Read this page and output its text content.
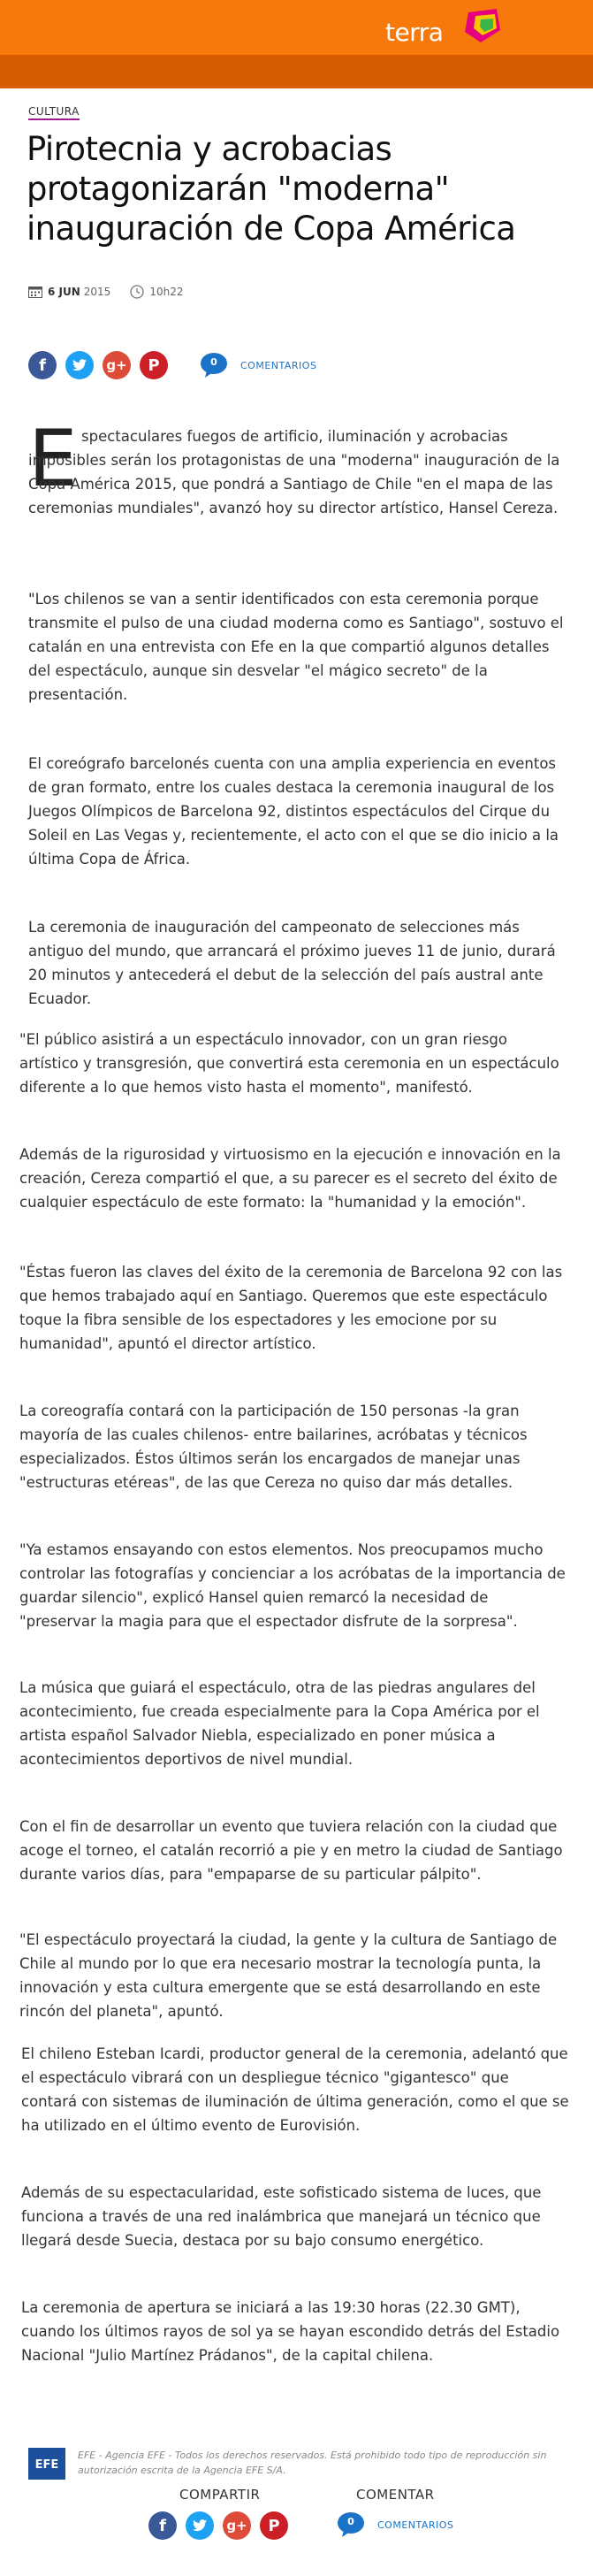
terra
CULTURA
Pirotecnia y acrobacias protagonizarán "moderna" inauguración de Copa América
6 JUN 2015	10h22
f	g+ P	0	COMENTARIOS
E spectaculares fuegos de artificio, iluminación y acrobacias imposibles serán los protagonistas de una "moderna" inauguración de la Copa América 2015, que pondrá a Santiago de Chile "en el mapa de las ceremonias mundiales", avanzó hoy su director artístico, Hansel Cereza.

"Los chilenos se van a sentir identificados con esta ceremonia porque transmite el pulso de una ciudad moderna como es Santiago", sostuvo el catalán en una entrevista con Efe en la que compartió algunos detalles del espectáculo, aunque sin desvelar "el mágico secreto" de la presentación.

El coreógrafo barcelonés cuenta con una amplia experiencia en eventos de gran formato, entre los cuales destaca la ceremonia inaugural de los Juegos Olímpicos de Barcelona 92, distintos espectáculos del Cirque du Soleil en Las Vegas y, recientemente, el acto con el que se dio inicio a la última Copa de África.

La ceremonia de inauguración del campeonato de selecciones más antiguo del mundo, que arrancará el próximo jueves 11 de junio, durará 20 minutos y antecederá el debut de la selección del país austral ante Ecuador.

"El público asistirá a un espectáculo innovador, con un gran riesgo artístico y transgresión, que convertirá esta ceremonia en un espectáculo diferente a lo que hemos visto hasta el momento", manifestó.

Además de la rigurosidad y virtuosismo en la ejecución e innovación en la creación, Cereza compartió el que, a su parecer es el secreto del éxito de cualquier espectáculo de este formato: la "humanidad y la emoción".

"Éstas fueron las claves del éxito de la ceremonia de Barcelona 92 con las que hemos trabajado aquí en Santiago. Queremos que este espectáculo toque la fibra sensible de los espectadores y les emocione por su humanidad", apuntó el director artístico.

La coreografía contará con la participación de 150 personas -la gran mayoría de las cuales chilenos- entre bailarines, acróbatas y técnicos especializados. Éstos últimos serán los encargados de manejar unas "estructuras etéreas", de las que Cereza no quiso dar más detalles.

"Ya estamos ensayando con estos elementos. Nos preocupamos mucho controlar las fotografías y concienciar a los acróbatas de la importancia de guardar silencio", explicó Hansel quien remarcó la necesidad de "preservar la magia para que el espectador disfrute de la sorpresa".

La música que guiará el espectáculo, otra de las piedras angulares del acontecimiento, fue creada especialmente para la Copa América por el artista español Salvador Niebla, especializado en poner música a acontecimientos deportivos de nivel mundial.

Con el fin de desarrollar un evento que tuviera relación con la ciudad que acoge el torneo, el catalán recorrió a pie y en metro la ciudad de Santiago durante varios días, para "empaparse de su particular pálpito".

"El espectáculo proyectará la ciudad, la gente y la cultura de Santiago de Chile al mundo por lo que era necesario mostrar la tecnología punta, la innovación y esta cultura emergente que se está desarrollando en este rincón del planeta", apuntó.

El chileno Esteban Icardi, productor general de la ceremonia, adelantó que el espectáculo vibrará con un despliegue técnico "gigantesco" que contará con sistemas de iluminación de última generación, como el que se ha utilizado en el último evento de Eurovisión.

Además de su espectacularidad, este sofisticado sistema de luces, que funciona a través de una red inalámbrica que manejará un técnico que llegará desde Suecia, destaca por su bajo consumo energético.

La ceremonia de apertura se iniciará a las 19:30 horas (22.30 GMT), cuando los últimos rayos de sol ya se hayan escondido detrás del Estadio Nacional "Julio Martínez Prádanos", de la capital chilena.

EFE
EFE - Agencia EFE - Todos los derechos reservados. Está prohibido todo tipo de reproducción sin autorización escrita de la Agencia EFE S/A.
COMPARTIR	COMENTAR
f	g+ P	0	COMENTARIOS
